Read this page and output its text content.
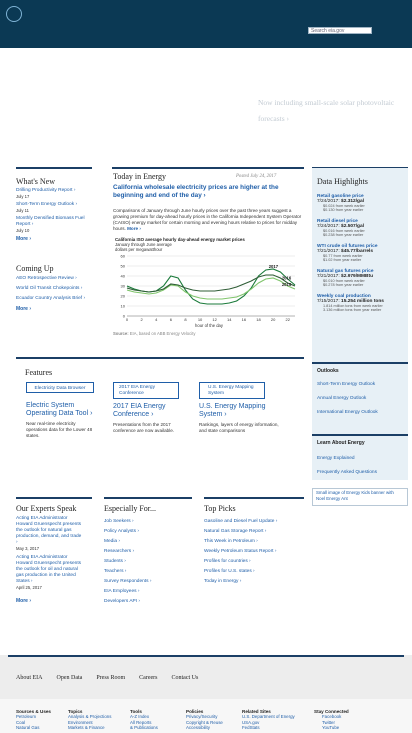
Search eia.gov
Now including small-scale solar photovoltaic forecasts ›
What's New
Drilling Productivity Report ›
July 17
Short-Term Energy Outlook ›
July 11
Monthly Densified Biomass Fuel Report ›
July 10
More ›
Coming Up
AEO Retrospective Review ›
World Oil Transit Chokepoints ›
Ecuador Country Analysis Brief ›
More ›
Today in Energy	Posted July 24, 2017
California wholesale electricity prices are higher at the beginning and end of the day ›
Comparisons of January through June hourly prices over the past three years suggest a growing premium for day-ahead hourly prices in the California Independent System Operator (CAISO) energy market for certain morning and evening hours relative to prices for midday hours. More ›
California ISO average hourly day-ahead energy market prices
January through June average
dollars per megawatthour
2017
2016
2015
0
10
20
30
40
50
60
0	2	4	6	8	10	12	14	16	18	20	22
hour of the day
Source: EIA, based on ABB Energy Velocity
Data Highlights
Retail gasoline price
7/24/2017: $2.312/gal
$0.024 from week earlier
$0.130 from year earlier
Retail diesel price
7/24/2017: $2.507/gal
$0.016 from week earlier
$0.238 from year earlier
WTI crude oil futures price
7/21/2017: $45.77/barrels
$0.77 from week earlier
$1.02 from year earlier
Natural gas futures price
7/21/2017: $2.979/MMBtu
$0.010 from week earlier
$0.278 from year earlier
Weekly coal production
7/15/2017: 15.254 million tons
1.814 million tons from week earlier
3.136 million tons from year earlier
Outlooks
Short-Term Energy Outlook
Annual Energy Outlook
International Energy Outlook
Learn About Energy
Energy Explained
Frequently Asked Questions
Small image of Energy Kids banner with Noel Energy Ant
Features
Electricity Data Browser
Electric System Operating Data Tool ›
Near real-time electricity operations data for the Lower 48 states.
2017 EIA Energy Conference
2017 EIA Energy Conference ›
Presentations from the 2017 conference are now available.
U.S. Energy Mapping System
U.S. Energy Mapping System ›
Rankings, layers of energy information, and state comparisons
Our Experts Speak
Acting EIA Administrator Howard Gruenspecht presents the outlook for natural gas production, demand, and trade ›
May 3, 2017
Acting EIA Administrator Howard Gruenspecht presents the outlook for oil and natural gas production in the United States ›
April 25, 2017
More ›
Especially For...
Job Seekers ›
Policy Analysts ›
Media ›
Researchers ›
Students ›
Teachers ›
Survey Respondents ›
EIA Employees ›
Developers API ›
Top Picks
Gasoline and Diesel Fuel Update ›
Natural Gas Storage Report ›
This Week in Petroleum ›
Weekly Petroleum Status Report ›
Profiles for countries ›
Profiles for U.S. states ›
Today in Energy ›
About EIA Open Data Press Room Careers Contact Us
Sources & Uses
Petroleum
Coal
Natural Gas
Topics
Analysis & Projections
Environment
Markets & Finance
Tools
A-Z Index
All Reports
& Publications
Policies
Privacy/Security
Copyright & Reuse
Accessibility
Related Sites
U.S. Department of Energy
USA.gov
FedStats
Stay Connected
Facebook
Twitter
YouTube
